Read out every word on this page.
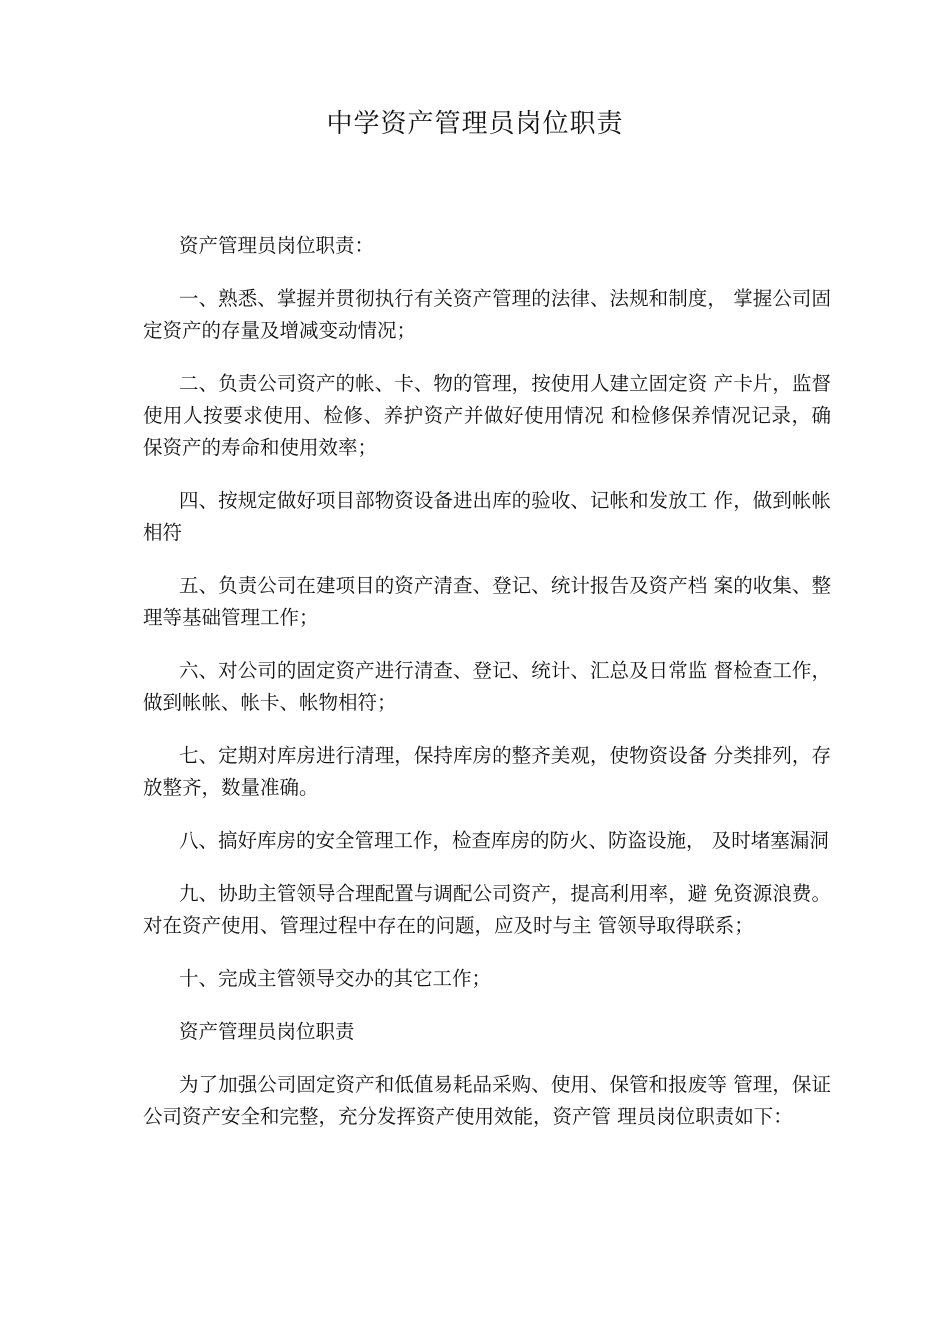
中学资产管理员岗位职责

资产管理员岗位职责：

一、熟悉、掌握并贯彻执行有关资产管理的法律、法规和制度， 掌握公司固定资产的存量及增减变动情况；

二、负责公司资产的帐、卡、物的管理，按使用人建立固定资 产卡片，监督使用人按要求使用、检修、养护资产并做好使用情况 和检修保养情况记录，确保资产的寿命和使用效率；

四、按规定做好项目部物资设备进出库的验收、记帐和发放工 作，做到帐帐相符

五、负责公司在建项目的资产清查、登记、统计报告及资产档 案的收集、整理等基础管理工作；

六、对公司的固定资产进行清查、登记、统计、汇总及日常监 督检查工作，做到帐帐、帐卡、帐物相符；

七、定期对库房进行清理，保持库房的整齐美观，使物资设备 分类排列，存放整齐，数量准确。

八、搞好库房的安全管理工作，检查库房的防火、防盗设施， 及时堵塞漏洞

九、协助主管领导合理配置与调配公司资产，提高利用率，避 免资源浪费。对在资产使用、管理过程中存在的问题，应及时与主 管领导取得联系；

十、完成主管领导交办的其它工作；

资产管理员岗位职责

为了加强公司固定资产和低值易耗品采购、使用、保管和报废等 管理，保证公司资产安全和完整，充分发挥资产使用效能，资产管 理员岗位职责如下：
